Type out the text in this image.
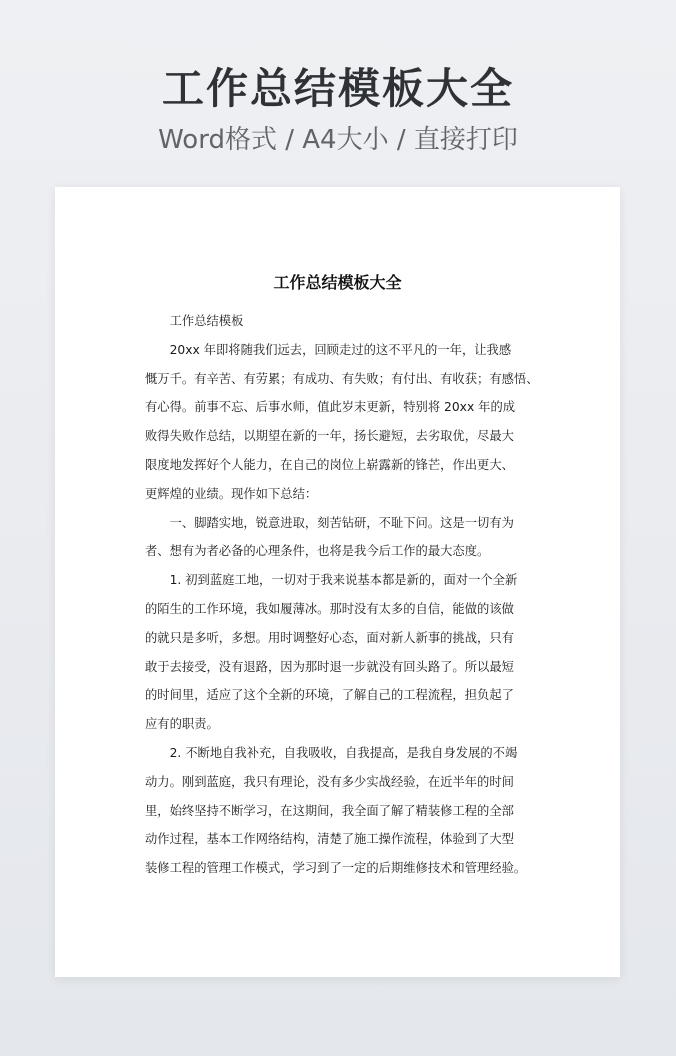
工作总结模板大全
Word格式 / A4大小 / 直接打印
工作总结模板大全
工作总结模板
20xx 年即将随我们远去，回顾走过的这不平凡的一年，让我感
慨万千。有辛苦、有劳累；有成功、有失败；有付出、有收获；有感悟、
有心得。前事不忘、后事水师，值此岁末更新，特别将 20xx 年的成
败得失败作总结，以期望在新的一年，扬长避短，去劣取优，尽最大
限度地发挥好个人能力，在自己的岗位上崭露新的锋芒，作出更大、
更辉煌的业绩。现作如下总结：
一、脚踏实地，锐意进取，刻苦钻研，不耻下问。这是一切有为
者、想有为者必备的心理条件，也将是我今后工作的最大态度。
1. 初到蓝庭工地，一切对于我来说基本都是新的，面对一个全新
的陌生的工作环境，我如履薄冰。那时没有太多的自信，能做的该做
的就只是多听，多想。用时调整好心态，面对新人新事的挑战，只有
敢于去接受，没有退路，因为那时退一步就没有回头路了。所以最短
的时间里，适应了这个全新的环境，了解自己的工程流程，担负起了
应有的职责。
2. 不断地自我补充，自我吸收，自我提高，是我自身发展的不竭
动力。刚到蓝庭，我只有理论，没有多少实战经验，在近半年的时间
里，始终坚持不断学习，在这期间，我全面了解了精装修工程的全部
动作过程，基本工作网络结构，清楚了施工操作流程，体验到了大型
装修工程的管理工作模式，学习到了一定的后期维修技术和管理经验。
